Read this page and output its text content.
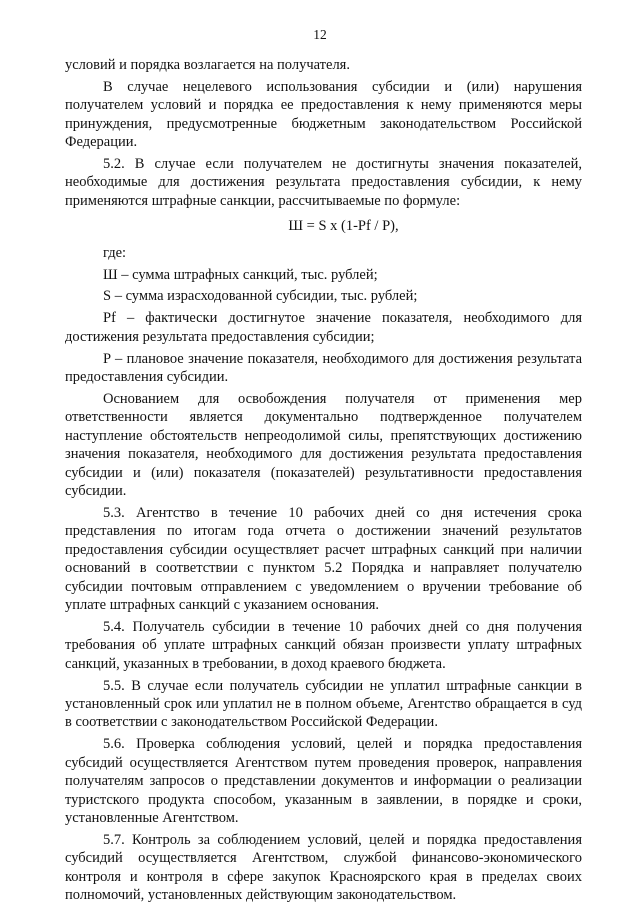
12

условий и порядка возлагается на получателя.

В случае нецелевого использования субсидии и (или) нарушения получателем условий и порядка ее предоставления к нему применяются меры принуждения, предусмотренные бюджетным законодательством Российской Федерации.

5.2. В случае если получателем не достигнуты значения показателей, необходимые для достижения результата предоставления субсидии, к нему применяются штрафные санкции, рассчитываемые по формуле:

Ш = S x (1-Pf / P),

где:

Ш – сумма штрафных санкций, тыс. рублей;

S – сумма израсходованной субсидии, тыс. рублей;

Pf – фактически достигнутое значение показателя, необходимого для достижения результата предоставления субсидии;

P – плановое значение показателя, необходимого для достижения результата предоставления субсидии.

Основанием для освобождения получателя от применения мер ответственности является документально подтвержденное получателем наступление обстоятельств непреодолимой силы, препятствующих достижению значения показателя, необходимого для достижения результата предоставления субсидии и (или) показателя (показателей) результативности предоставления субсидии.

5.3. Агентство в течение 10 рабочих дней со дня истечения срока представления по итогам года отчета о достижении значений результатов предоставления субсидии осуществляет расчет штрафных санкций при наличии оснований в соответствии с пунктом 5.2 Порядка и направляет получателю субсидии почтовым отправлением с уведомлением о вручении требование об уплате штрафных санкций с указанием основания.

5.4. Получатель субсидии в течение 10 рабочих дней со дня получения требования об уплате штрафных санкций обязан произвести уплату штрафных санкций, указанных в требовании, в доход краевого бюджета.

5.5. В случае если получатель субсидии не уплатил штрафные санкции в установленный срок или уплатил не в полном объеме, Агентство обращается в суд в соответствии с законодательством Российской Федерации.

5.6. Проверка соблюдения условий, целей и порядка предоставления субсидий осуществляется Агентством путем проведения проверок, направления получателям запросов о представлении документов и информации о реализации туристского продукта способом, указанным в заявлении, в порядке и сроки, установленные Агентством.

5.7. Контроль за соблюдением условий, целей и порядка предоставления субсидий осуществляется Агентством, службой финансово-экономического контроля и контроля в сфере закупок Красноярского края в пределах своих полномочий, установленных действующим законодательством.
